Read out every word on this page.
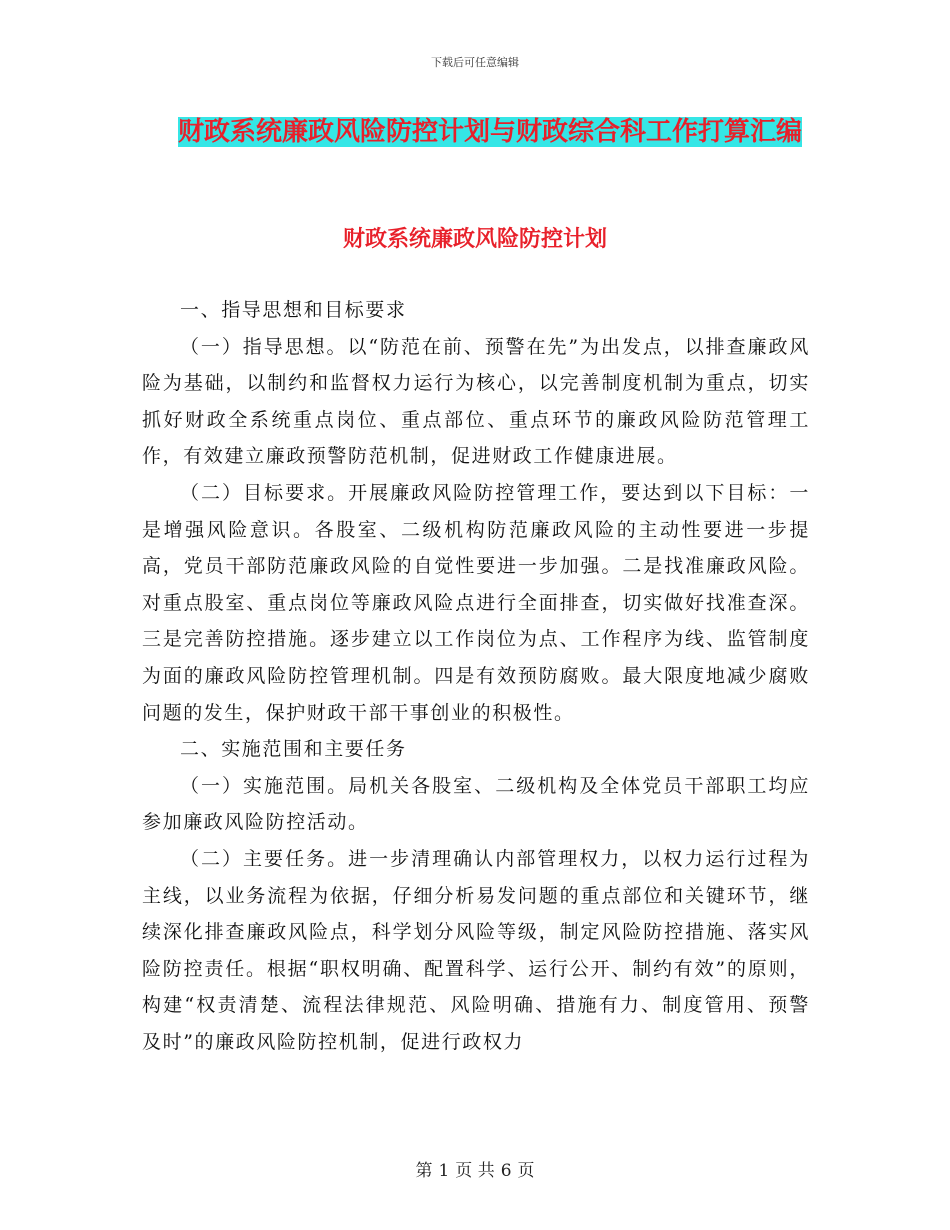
下载后可任意编辑
财政系统廉政风险防控计划与财政综合科工作打算汇编
财政系统廉政风险防控计划

一、指导思想和目标要求

（一）指导思想。以“防范在前、预警在先”为出发点，以排查廉政风险为基础，以制约和监督权力运行为核心，以完善制度机制为重点，切实抓好财政全系统重点岗位、重点部位、重点环节的廉政风险防范管理工作，有效建立廉政预警防范机制，促进财政工作健康进展。

（二）目标要求。开展廉政风险防控管理工作，要达到以下目标：一是增强风险意识。各股室、二级机构防范廉政风险的主动性要进一步提高，党员干部防范廉政风险的自觉性要进一步加强。二是找准廉政风险。对重点股室、重点岗位等廉政风险点进行全面排查，切实做好找准查深。三是完善防控措施。逐步建立以工作岗位为点、工作程序为线、监管制度为面的廉政风险防控管理机制。四是有效预防腐败。最大限度地减少腐败问题的发生，保护财政干部干事创业的积极性。

二、实施范围和主要任务

（一）实施范围。局机关各股室、二级机构及全体党员干部职工均应参加廉政风险防控活动。

（二）主要任务。进一步清理确认内部管理权力，以权力运行过程为主线，以业务流程为依据，仔细分析易发问题的重点部位和关键环节，继续深化排查廉政风险点，科学划分风险等级，制定风险防控措施、落实风险防控责任。根据“职权明确、配置科学、运行公开、制约有效”的原则，构建“权责清楚、流程法律规范、风险明确、措施有力、制度管用、预警及时”的廉政风险防控机制，促进行政权力

第 1 页 共 6 页
